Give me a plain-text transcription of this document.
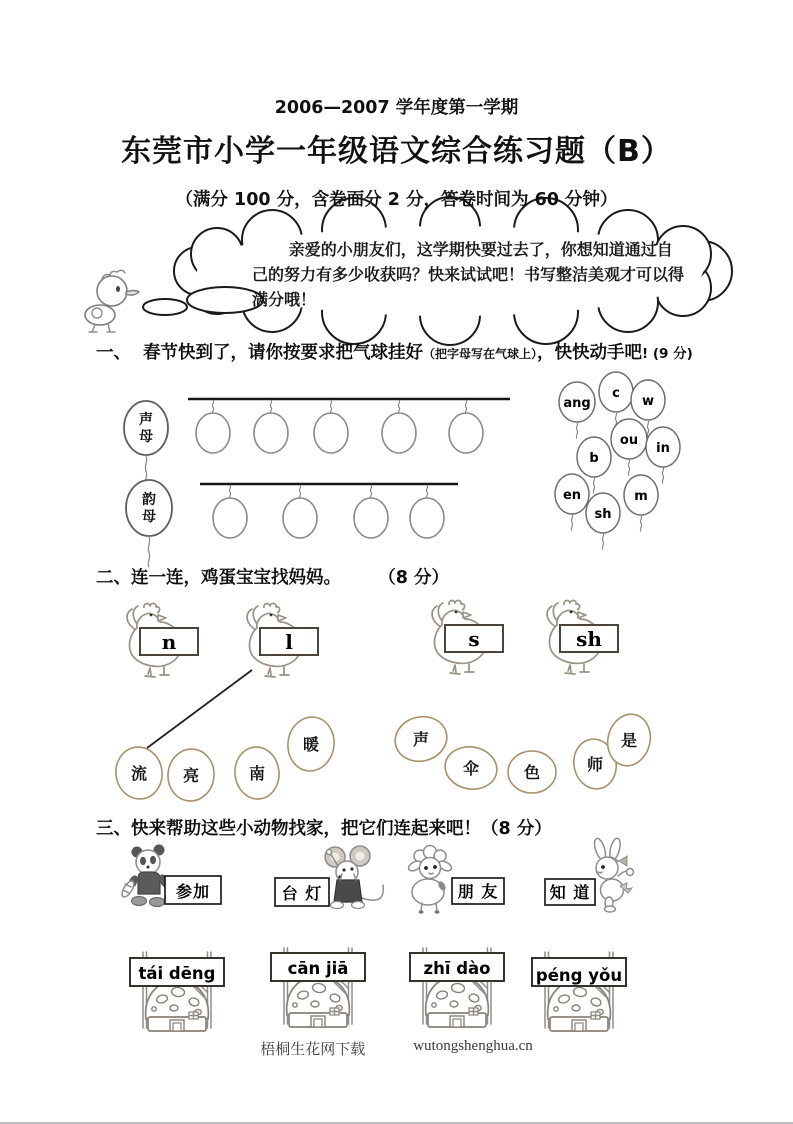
声
母
韵
母
ang
c
w
ou
in
b
en
sh
m
n	l	s	sh
流 亮	南
暖	声
伞	色	师
是
参加	台 灯	朋 友	知 道
tái dēng	cān jiā	zhī dào	péng yǒu
2006—2007 学年度第一学期
东莞市小学一年级语文综合练习题（B）
（满分 100 分，含卷面分 2 分，答卷时间为 60 分钟）
亲爱的小朋友们，这学期快要过去了，你想知道通过自己的努力有多少收获吗？快来试试吧！书写整洁美观才可以得满分哦！
一、 春节快到了，请你按要求把气球挂好（把字母写在气球上），快快动手吧! (9 分)
二、连一连，鸡蛋宝宝找妈妈。	（8 分）
三、快来帮助这些小动物找家，把它们连起来吧！（8 分）
梧桐生花网下载	wutongshenghua.cn
